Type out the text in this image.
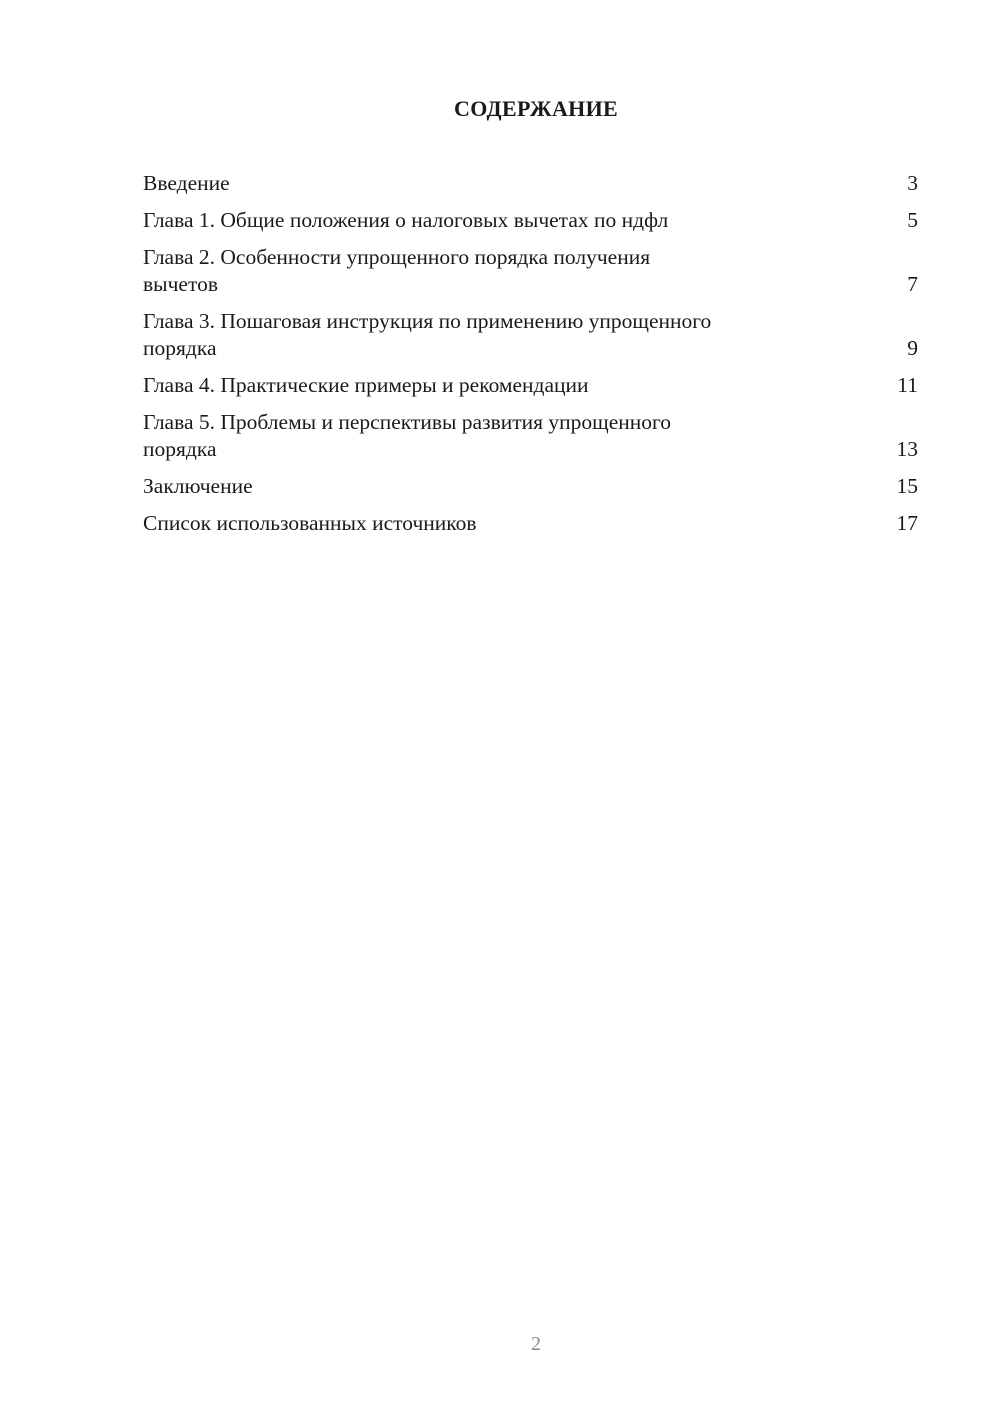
СОДЕРЖАНИЕ
Введение	3
Глава 1. Общие положения о налоговых вычетах по ндфл	5
Глава 2. Особенности упрощенного порядка получения
вычетов	7
Глава 3. Пошаговая инструкция по применению упрощенного
порядка	9
Глава 4. Практические примеры и рекомендации	11
Глава 5. Проблемы и перспективы развития упрощенного
порядка	13
Заключение	15
Список использованных источников	17
2
